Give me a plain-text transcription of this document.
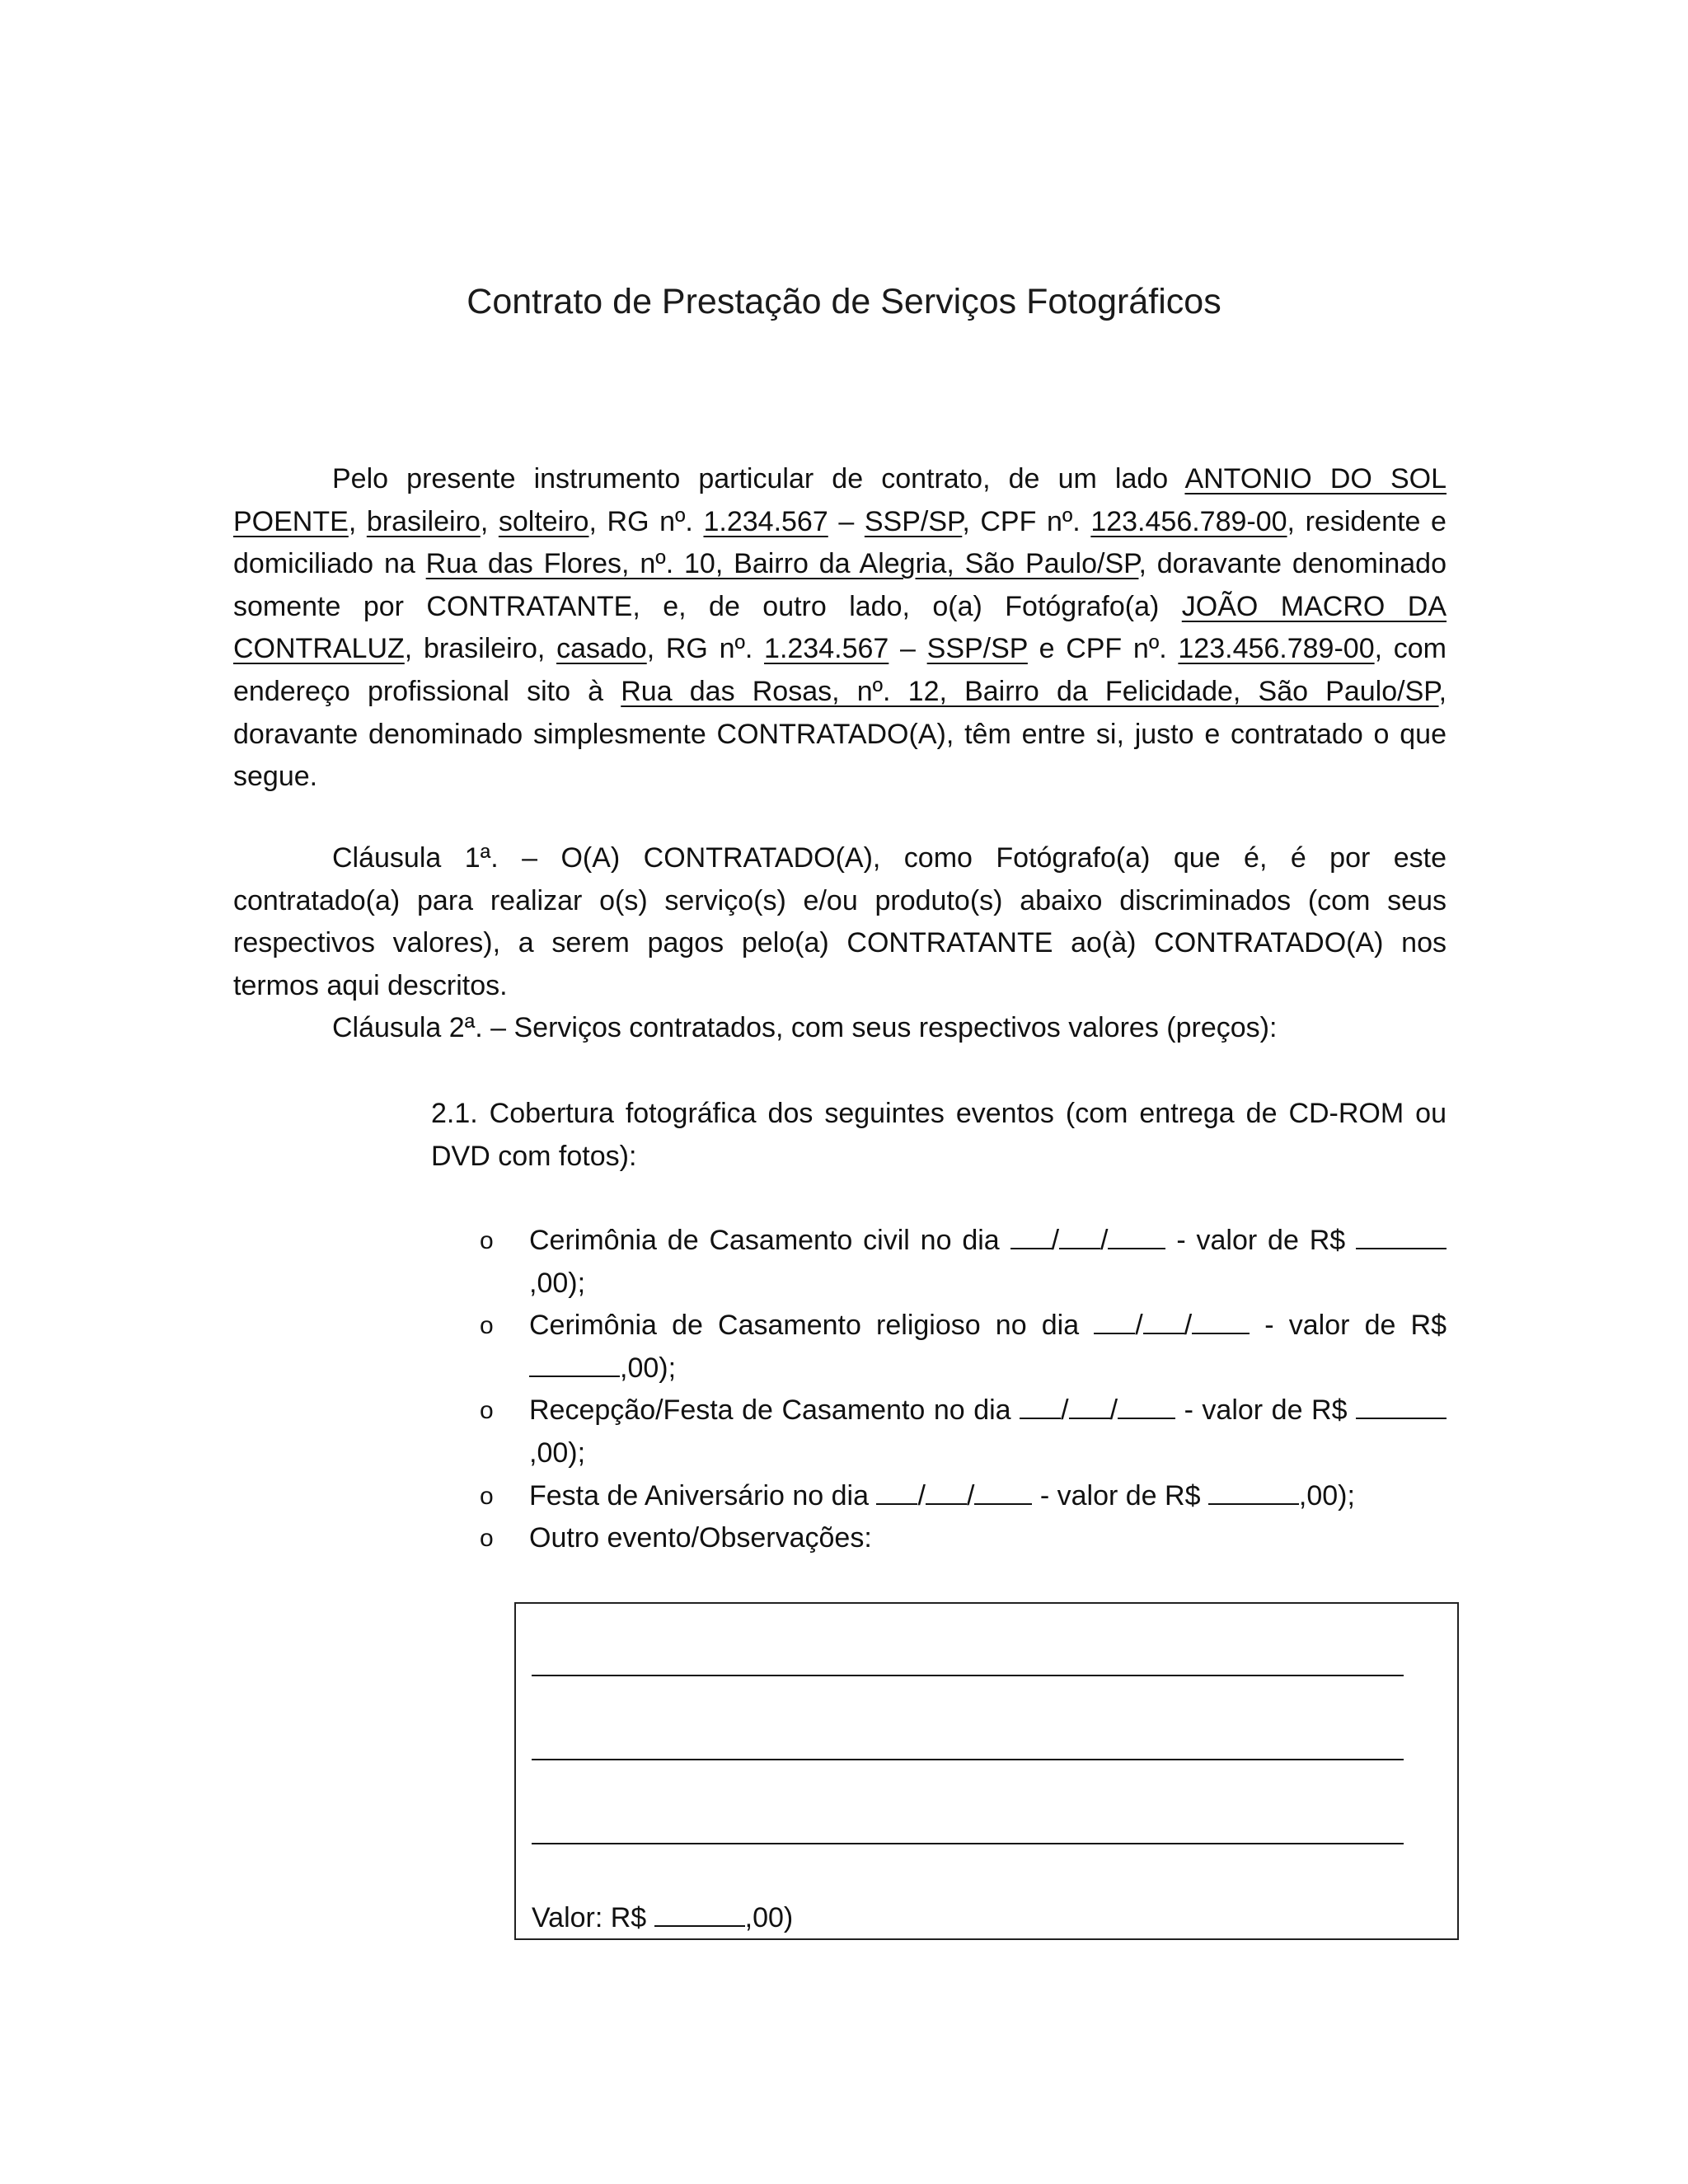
Contrato de Prestação de Serviços Fotográficos
Pelo presente instrumento particular de contrato, de um lado ANTONIO DO SOL POENTE, brasileiro, solteiro, RG nº. 1.234.567 – SSP/SP, CPF nº. 123.456.789-00, residente e domiciliado na Rua das Flores, nº. 10, Bairro da Alegria, São Paulo/SP, doravante denominado somente por CONTRATANTE, e, de outro lado, o(a) Fotógrafo(a) JOÃO MACRO DA CONTRALUZ, brasileiro, casado, RG nº. 1.234.567 – SSP/SP e CPF nº. 123.456.789-00, com endereço profissional sito à Rua das Rosas, nº. 12, Bairro da Felicidade, São Paulo/SP, doravante denominado simplesmente CONTRATADO(A), têm entre si, justo e contratado o que segue.
Cláusula 1ª. – O(A) CONTRATADO(A), como Fotógrafo(a) que é, é por este contratado(a) para realizar o(s) serviço(s) e/ou produto(s) abaixo discriminados (com seus respectivos valores), a serem pagos pelo(a) CONTRATANTE ao(à) CONTRATADO(A) nos termos aqui descritos.
Cláusula 2ª. – Serviços contratados, com seus respectivos valores (preços):
2.1. Cobertura fotográfica dos seguintes eventos (com entrega de CD-ROM ou DVD com fotos):
o Cerimônia de Casamento civil no dia / / - valor de R$ ,00);
o Cerimônia de Casamento religioso no dia / / - valor de R$ ,00);
o Recepção/Festa de Casamento no dia / / - valor de R$ ,00);
o Festa de Aniversário no dia / / - valor de R$	,00);
o Outro evento/Observações:
Valor: R$	,00)
